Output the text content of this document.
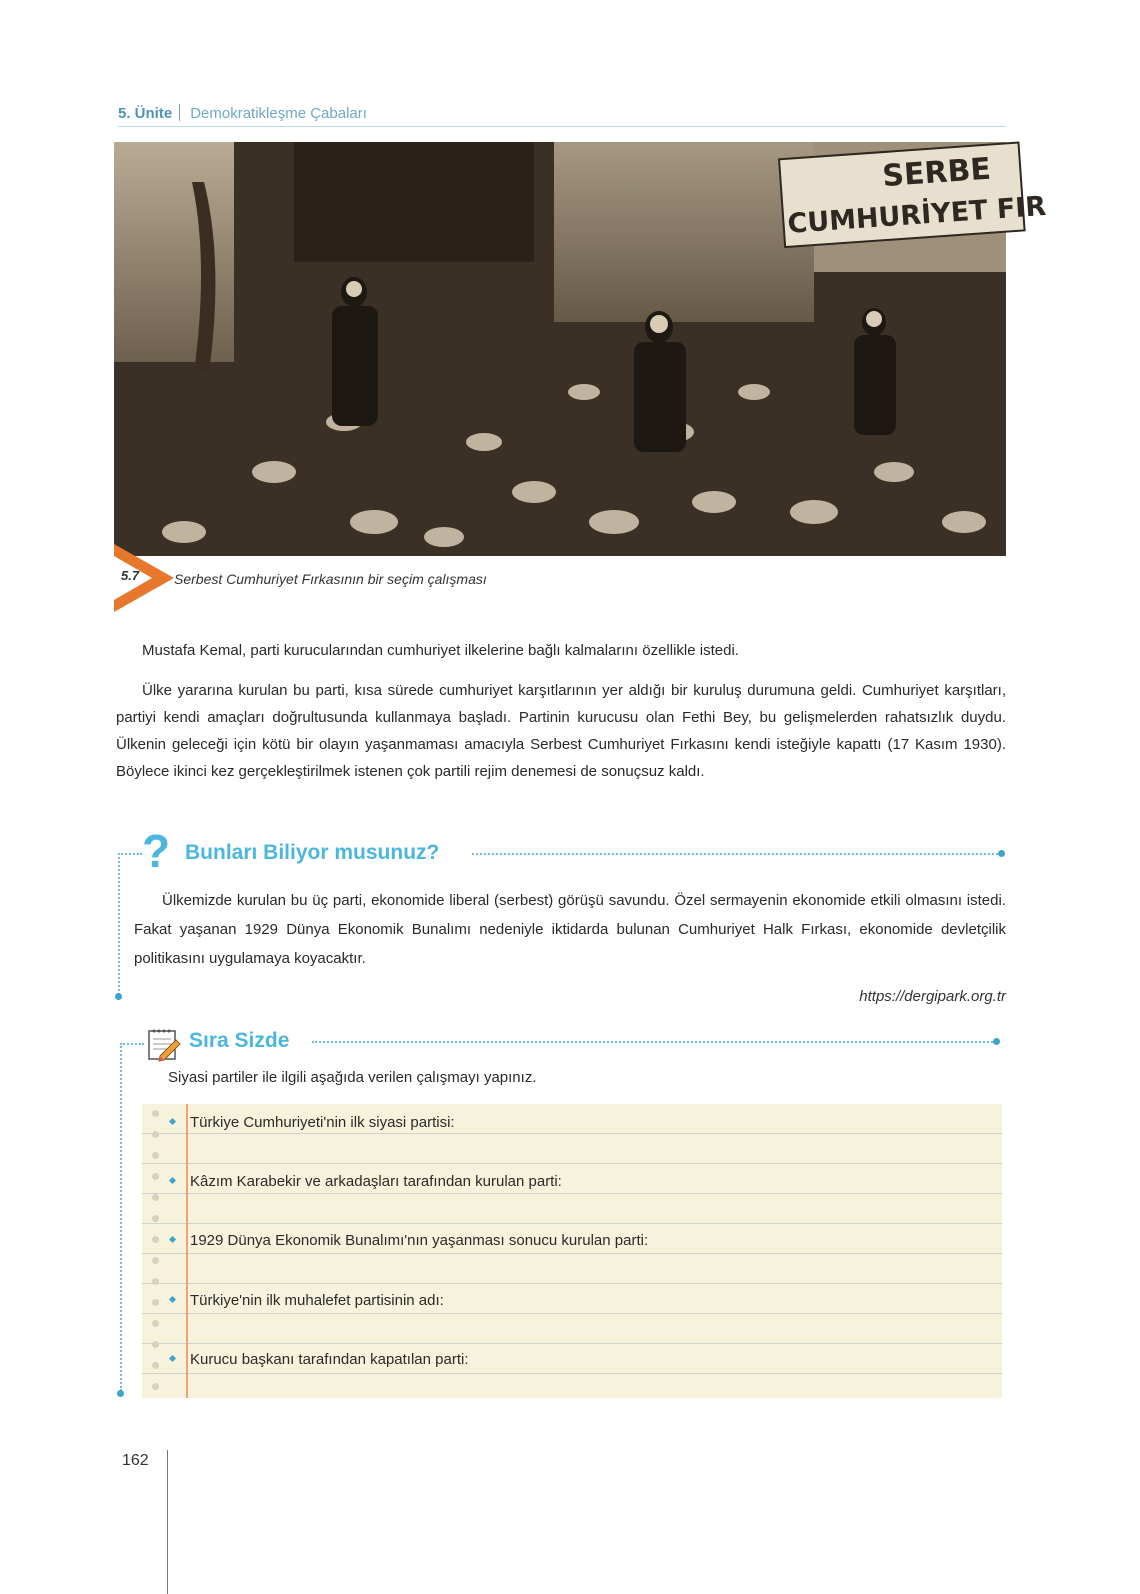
5. Ünite Demokratikleşme Çabaları
SERBE
CUMHURİYET FIR
5.7 Serbest Cumhuriyet Fırkasının bir seçim çalışması

Mustafa Kemal, parti kurucularından cumhuriyet ilkelerine bağlı kalmalarını özellikle istedi.

Ülke yararına kurulan bu parti, kısa sürede cumhuriyet karşıtlarının yer aldığı bir kuruluş durumuna geldi. Cumhuriyet karşıtları, partiyi kendi amaçları doğrultusunda kullanmaya başladı. Partinin kurucusu olan Fethi Bey, bu gelişmelerden rahatsızlık duydu. Ülkenin geleceği için kötü bir olayın yaşanmaması amacıyla Serbest Cumhuriyet Fırkasını kendi isteğiyle kapattı (17 Kasım 1930). Böylece ikinci kez gerçekleştirilmek istenen çok partili rejim denemesi de sonuçsuz kaldı.

? Bunları Biliyor musunuz?

Ülkemizde kurulan bu üç parti, ekonomide liberal (serbest) görüşü savundu. Özel sermayenin ekonomide etkili olmasını istedi. Fakat yaşanan 1929 Dünya Ekonomik Bunalımı nedeniyle iktidarda bulunan Cumhuriyet Halk Fırkası, ekonomide devletçilik politikasını uygulamaya koyacaktır.

https://dergipark.org.tr
Sıra Sizde
Siyasi partiler ile ilgili aşağıda verilen çalışmayı yapınız.
Türkiye Cumhuriyeti'nin ilk siyasi partisi:
Kâzım Karabekir ve arkadaşları tarafından kurulan parti:
1929 Dünya Ekonomik Bunalımı'nın yaşanması sonucu kurulan parti:
Türkiye'nin ilk muhalefet partisinin adı:
Kurucu başkanı tarafından kapatılan parti:
162
